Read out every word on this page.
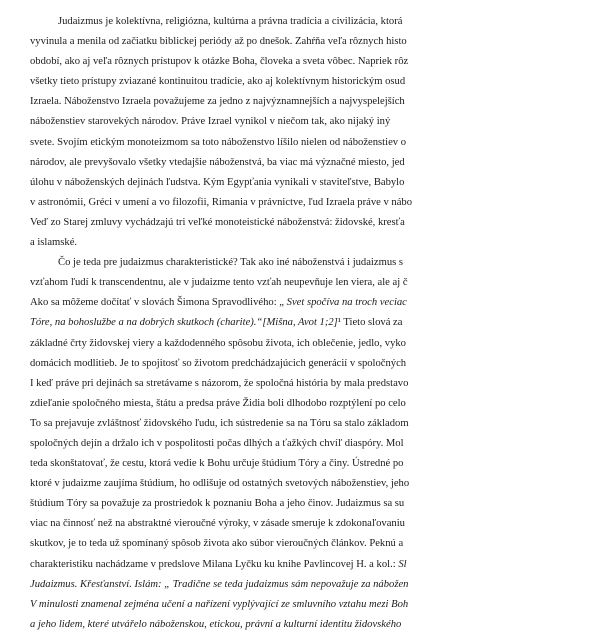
Judaizmus je kolektívna, religiózna, kultúrna a právna tradícia a civilizácia, ktorá
vyvinula a menila od začiatku biblickej periódy až po dnešok. Zahŕňa veľa rôznych histo
období, ako aj veľa rôznych prístupov k otázke Boha, človeka a sveta vôbec. Napriek rôz
všetky tieto prístupy zviazané kontinuitou tradície, ako aj kolektívnym historickým osud
Izraela. Náboženstvo Izraela považujeme za jedno z najvýznamnejších a najvyspelejších
náboženstiev starovekých národov. Práve Izrael vynikol v niečom tak, ako nijaký iný
svete. Svojím etickým monoteizmom sa toto náboženstvo líšilo nielen od náboženstiev o
národov, ale prevyšovalo všetky vtedajšie náboženstvá, ba viac má význačné miesto, jed
úlohu v náboženských dejinách ľudstva. Kým Egypťania vynikali v staviteľstve, Babylo
v astronómii, Gréci v umení a vo filozofii, Rimania v právnictve, ľud Izraela práve v nábo
Veď zo Starej zmluvy vychádzajú tri veľké monoteistické náboženstvá: židovské, kresťa
a islamské.
Čo je teda pre judaizmus charakteristické? Tak ako iné náboženstvá i judaizmus s
vzťahom ľudí k transcendentnu, ale v judaizme tento vzťah neupevňuje len viera, ale aj č
Ako sa môžeme dočítať v slovách Šimona Spravodlivého: „ Svet spočíva na troch veciac
Tóre, na bohoslužbe a na dobrých skutkoch (charite).“[Mišna, Avot 1;2]¹ Tieto slová za
základné črty židovskej viery a každodenného spôsobu života, ich oblečenie, jedlo, vyko
domácich modlitieb. Je to spojitosť so životom predchádzajúcich generácií v spoločných
I keď práve pri dejinách sa stretávame s názorom, že spoločná história by mala predstavo
zdieľanie spoločného miesta, štátu a predsa práve Židia boli dlhodobo rozptýlení po celo
To sa prejavuje zvláštnosť židovského ľudu, ich sústredenie sa na Tóru sa stalo základom
spoločných dejín a držalo ich v pospolitosti počas dlhých a ťažkých chvíľ diaspóry. Mol
teda skonštatovať, že cestu, ktorá vedie k Bohu určuje štúdium Tóry a činy. Ústredné po
ktoré v judaizme zaujíma štúdium, ho odlišuje od ostatných svetových náboženstiev, jeho
štúdium Tóry sa považuje za prostriedok k poznaniu Boha a jeho činov. Judaizmus sa su
viac na činnosť než na abstraktné vieroučné výroky, v zásade smeruje k zdokonaľovaniu
skutkov, je to teda už spomínaný spôsob života ako súbor vieroučných článkov. Peknú a
charakteristiku nachádzame v predslove Milana Lyčku ku knihe Pavlincovej H. a kol.: Sl
Judaizmus. Křesťanství. Islám: „ Tradične se teda judaizmus sám nepovažuje za nábožen
V minulosti znamenal zejména učení a nařízení vyplývající ze smluvního vztahu mezi Boh
a jeho lidem, které utvářelo náboženskou, etickou, právní a kulturní identitu židovského
